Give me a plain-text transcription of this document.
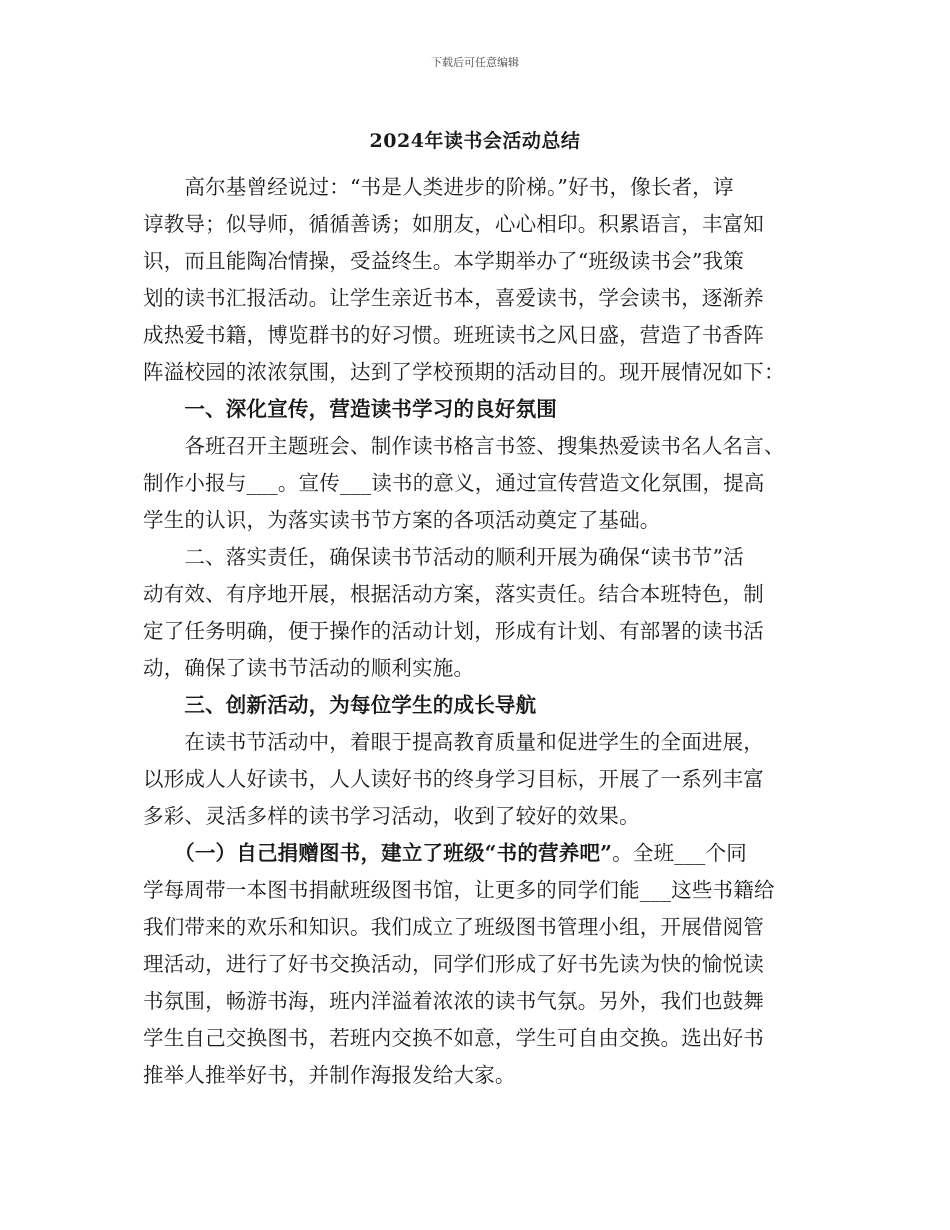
下载后可任意编辑
2024年读书会活动总结
　　高尔基曾经说过：“书是人类进步的阶梯。”好书，像长者，谆
谆教导；似导师，循循善诱；如朋友，心心相印。积累语言，丰富知
识，而且能陶冶情操，受益终生。本学期举办了“班级读书会”我策
划的读书汇报活动。让学生亲近书本，喜爱读书，学会读书，逐渐养
成热爱书籍，博览群书的好习惯。班班读书之风日盛，营造了书香阵
阵溢校园的浓浓氛围，达到了学校预期的活动目的。现开展情况如下：
　　一、深化宣传，营造读书学习的良好氛围
　　各班召开主题班会、制作读书格言书签、搜集热爱读书名人名言、
制作小报与___。宣传___读书的意义，通过宣传营造文化氛围，提高
学生的认识，为落实读书节方案的各项活动奠定了基础。
　　二、落实责任，确保读书节活动的顺利开展为确保“读书节”活
动有效、有序地开展，根据活动方案，落实责任。结合本班特色，制
定了任务明确，便于操作的活动计划，形成有计划、有部署的读书活
动，确保了读书节活动的顺利实施。
　　三、创新活动，为每位学生的成长导航
　　在读书节活动中，着眼于提高教育质量和促进学生的全面进展，
以形成人人好读书，人人读好书的终身学习目标，开展了一系列丰富
多彩、灵活多样的读书学习活动，收到了较好的效果。
　　（一）自己捐赠图书，建立了班级“书的营养吧”。全班___个同
学每周带一本图书捐献班级图书馆，让更多的同学们能___这些书籍给
我们带来的欢乐和知识。我们成立了班级图书管理小组，开展借阅管
理活动，进行了好书交换活动，同学们形成了好书先读为快的愉悦读
书氛围，畅游书海，班内洋溢着浓浓的读书气氛。另外，我们也鼓舞
学生自己交换图书，若班内交换不如意，学生可自由交换。选出好书
推举人推举好书，并制作海报发给大家。
